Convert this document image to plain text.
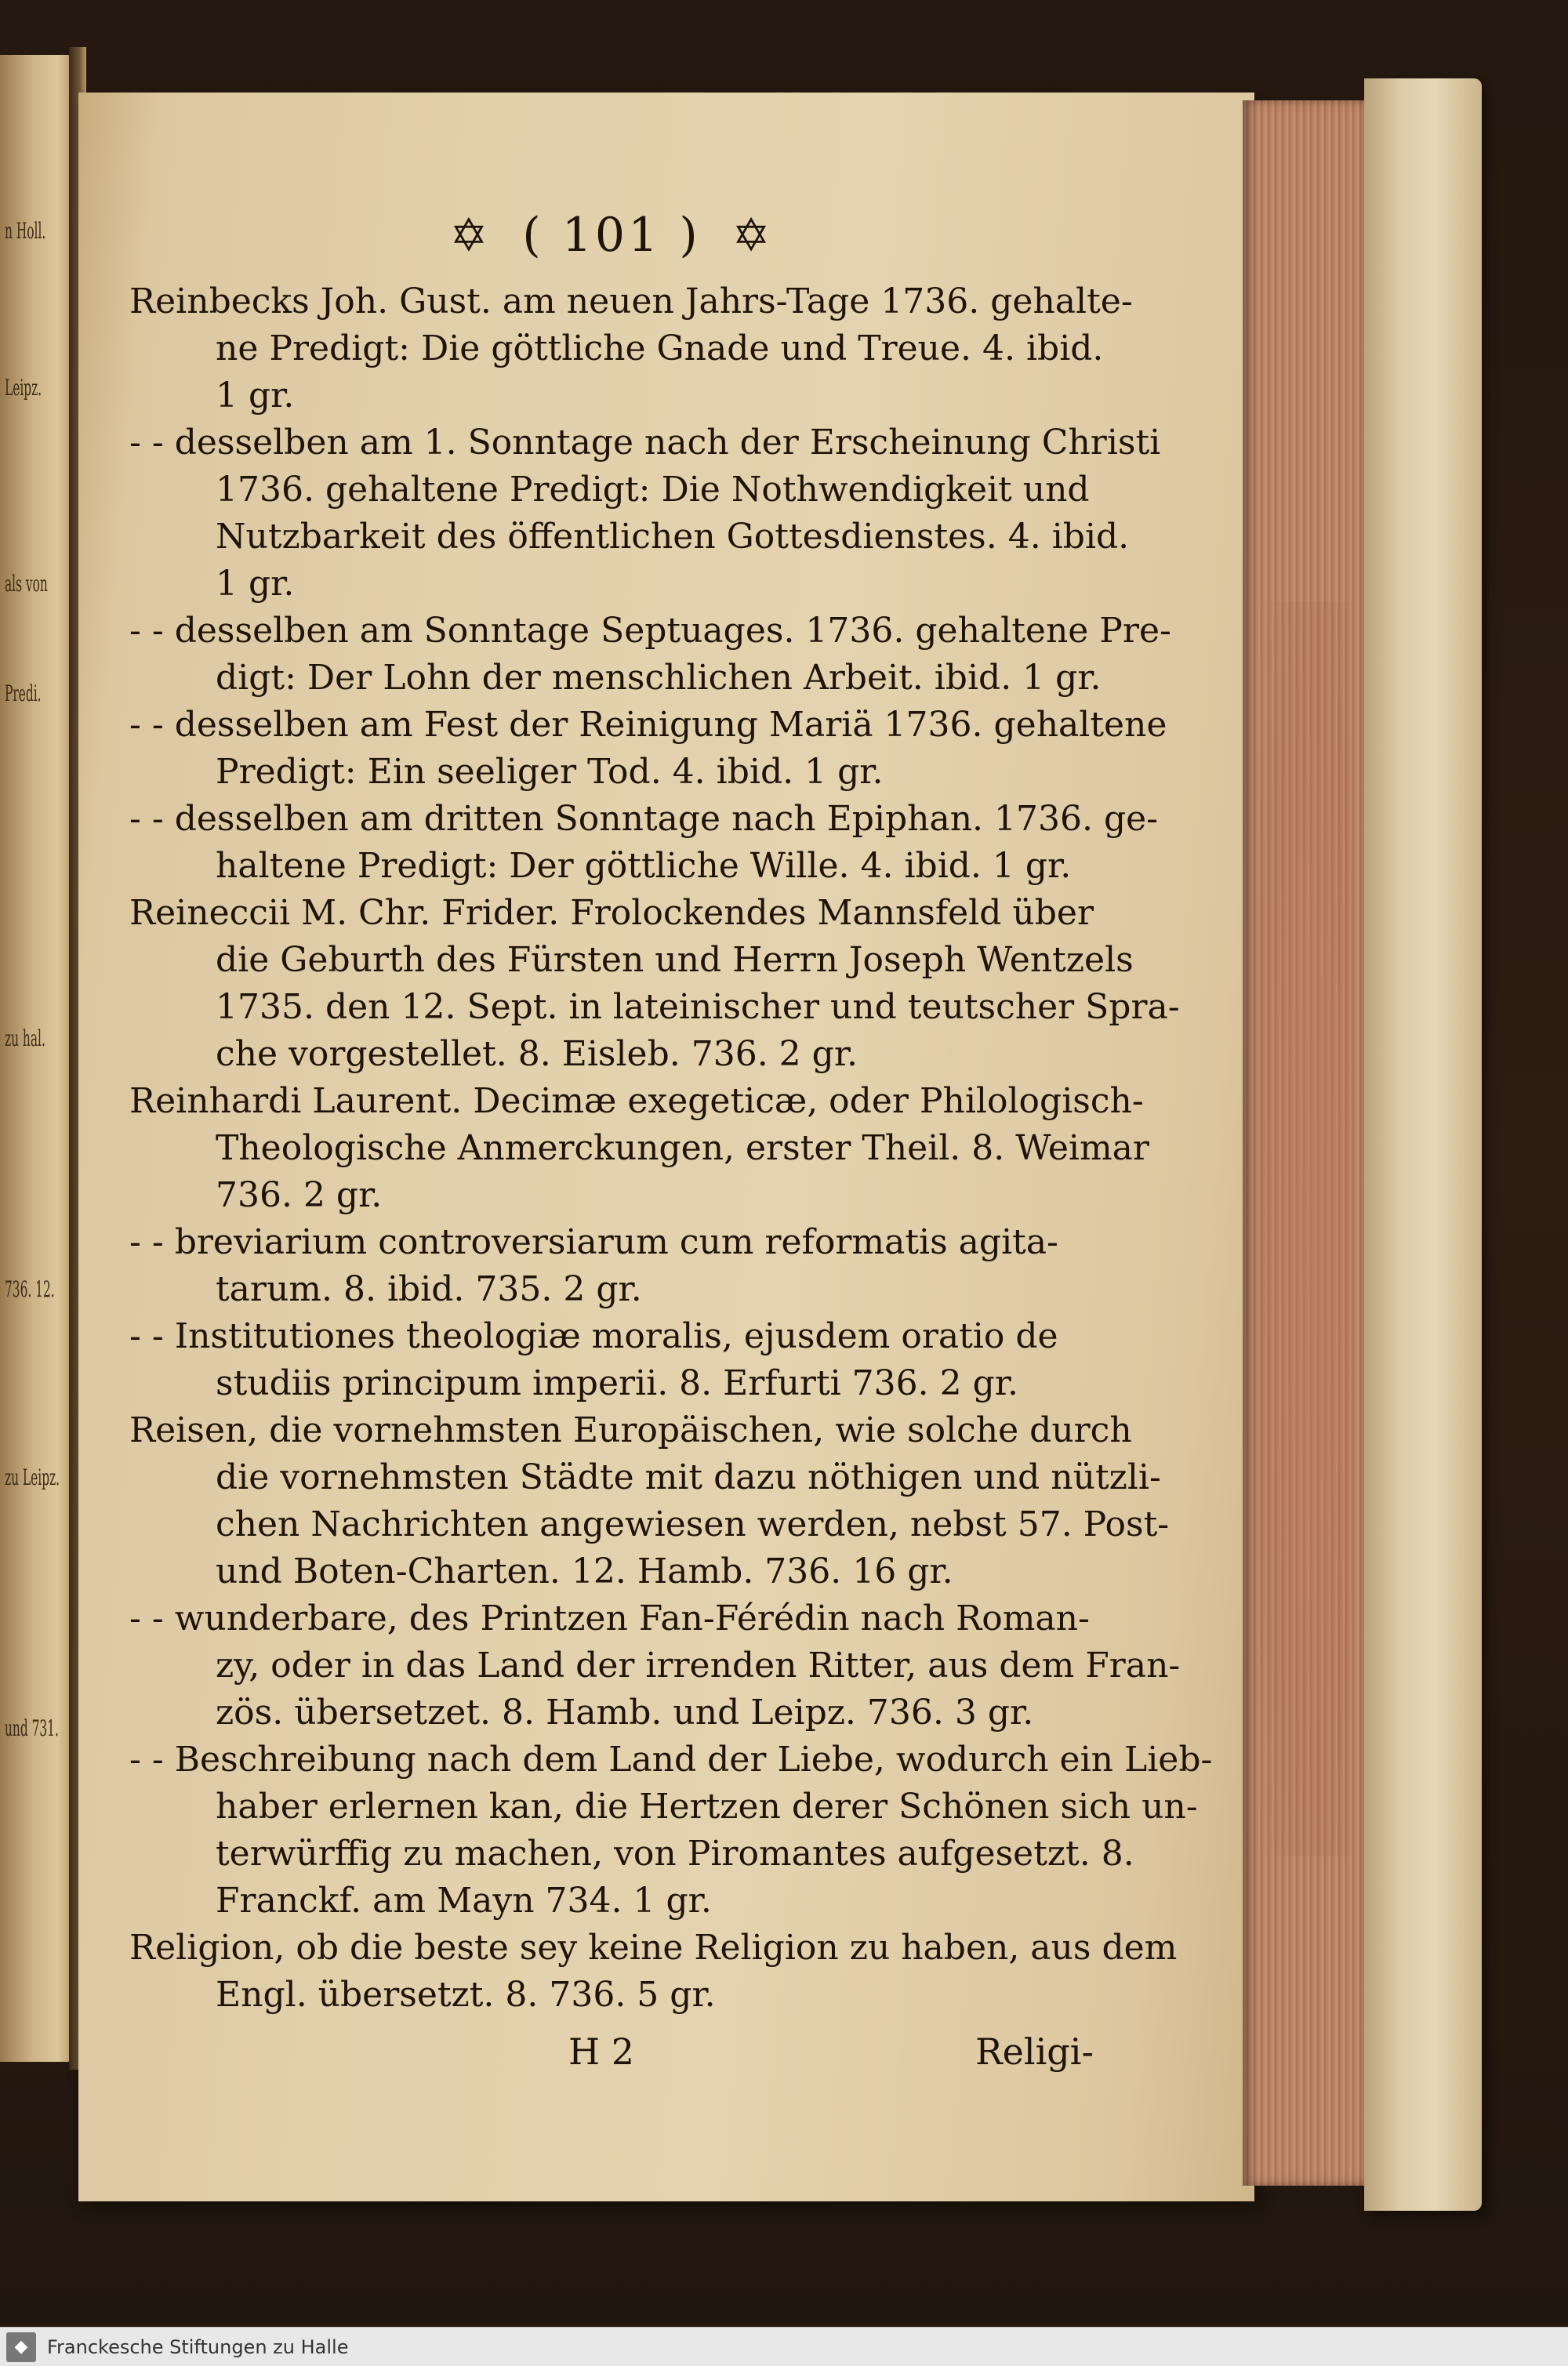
n Holl.
Leipz.
als von
Predi.
zu hal.
736. 12.
zu Leipz.
und 731.
✡ ( 101 ) ✡
Reinbecks Joh. Gust. am neuen Jahrs-Tage 1736. gehalte-
ne Predigt: Die göttliche Gnade und Treue. 4. ibid.
1 gr.
- - desselben am 1. Sonntage nach der Erscheinung Christi
1736. gehaltene Predigt: Die Nothwendigkeit und
Nutzbarkeit des öffentlichen Gottesdienstes. 4. ibid.
1 gr.
- - desselben am Sonntage Septuages. 1736. gehaltene Pre-
digt: Der Lohn der menschlichen Arbeit. ibid. 1 gr.
- - desselben am Fest der Reinigung Mariä 1736. gehaltene
Predigt: Ein seeliger Tod. 4. ibid. 1 gr.
- - desselben am dritten Sonntage nach Epiphan. 1736. ge-
haltene Predigt: Der göttliche Wille. 4. ibid. 1 gr.
Reineccii M. Chr. Frider. Frolockendes Mannsfeld über
die Geburth des Fürsten und Herrn Joseph Wentzels
1735. den 12. Sept. in lateinischer und teutscher Spra-
che vorgestellet. 8. Eisleb. 736. 2 gr.
Reinhardi Laurent. Decimæ exegeticæ, oder Philologisch-
Theologische Anmerckungen, erster Theil. 8. Weimar
736. 2 gr.
- - breviarium controversiarum cum reformatis agita-
tarum. 8. ibid. 735. 2 gr.
- - Institutiones theologiæ moralis, ejusdem oratio de
studiis principum imperii. 8. Erfurti 736. 2 gr.
Reisen, die vornehmsten Europäischen, wie solche durch
die vornehmsten Städte mit dazu nöthigen und nützli-
chen Nachrichten angewiesen werden, nebst 57. Post-
und Boten-Charten. 12. Hamb. 736. 16 gr.
- - wunderbare, des Printzen Fan-Férédin nach Roman-
zy, oder in das Land der irrenden Ritter, aus dem Fran-
zös. übersetzet. 8. Hamb. und Leipz. 736. 3 gr.
- - Beschreibung nach dem Land der Liebe, wodurch ein Lieb-
haber erlernen kan, die Hertzen derer Schönen sich un-
terwürffig zu machen, von Piromantes aufgesetzt. 8.
Franckf. am Mayn 734. 1 gr.
Religion, ob die beste sey keine Religion zu haben, aus dem
Engl. übersetzt. 8. 736. 5 gr.
H 2	Religi-
◆	Franckesche Stiftungen zu Halle
